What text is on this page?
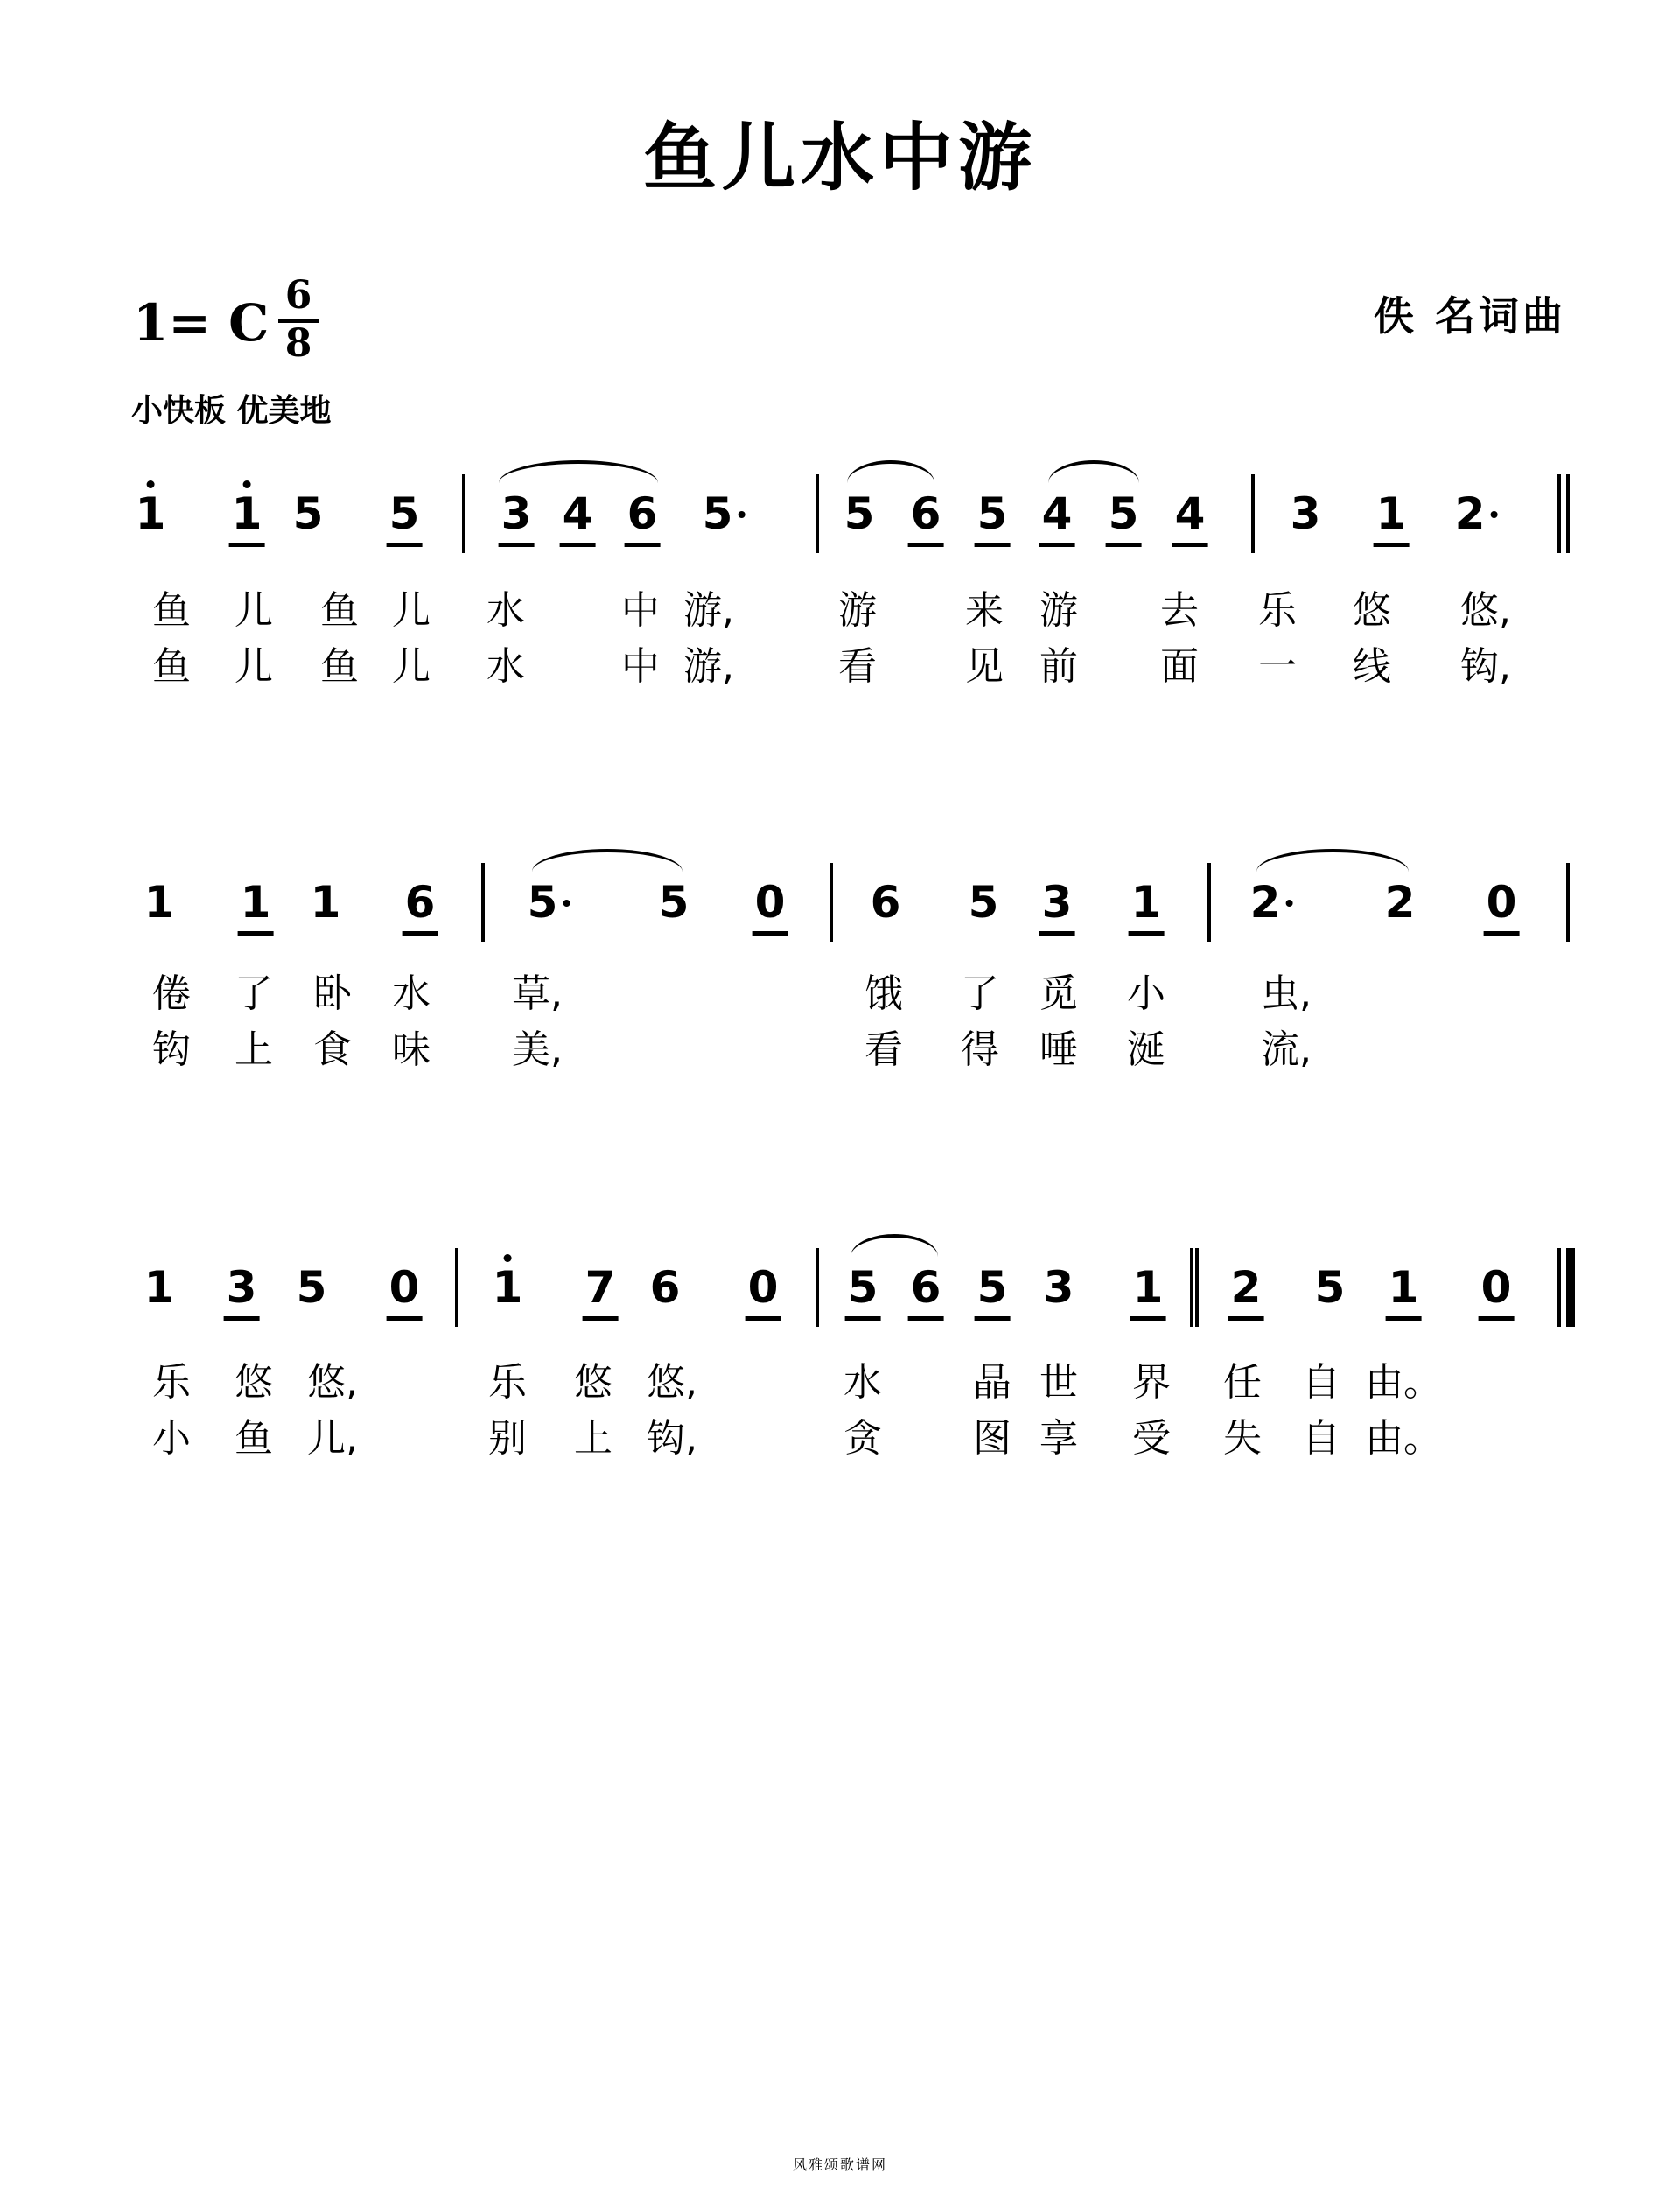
鱼儿水中游
1= C $\frac{6}{8}$	佚 名词曲
小快板 优美地
1 1 5 5 3 4 6 5	5 6 5 4 5 4 3 1 2
鱼 儿 鱼 儿 水	中 游,	游 来 游 去 乐 悠 悠,
鱼 儿 鱼 儿 水	中 游,	看 见 前 面 一 线 钩,
1 1 1 6 5 5 0 6 5 3 1 2 2 0
倦 了 卧 水 草,	饿 了 觅 小 虫,
钩 上 食 味 美,	看 得 唾 涎 流,
1 3 5 0 1 7 6 0 5 6 5 3 1 2 5 1 0
乐 悠 悠,	乐 悠 悠,	水 晶 世 界 任 自 由。
小 鱼 儿,	别 上 钩,	贪 图 享 受 失 自 由。
风雅颂歌谱网
